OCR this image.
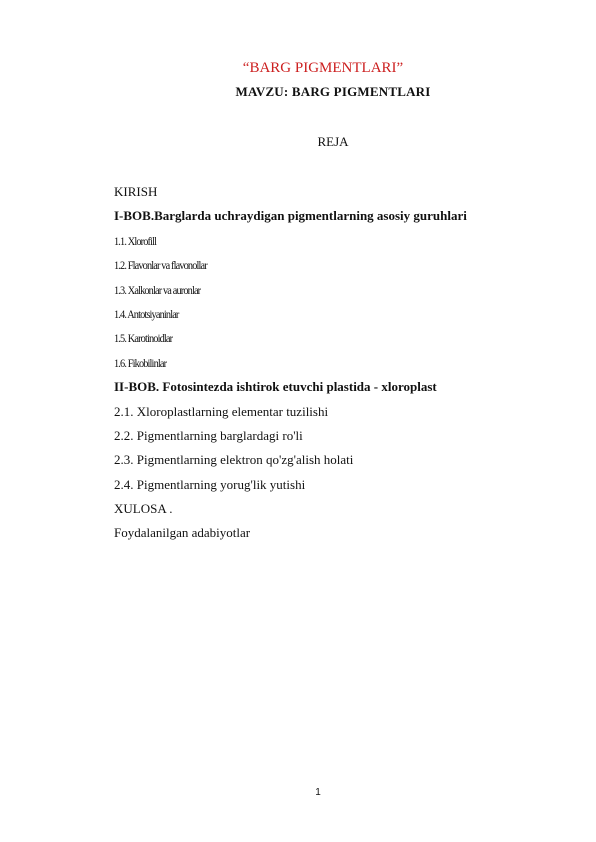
“BARG PIGMENTLARI”
MAVZU: BARG PIGMENTLARI
REJA
KIRISH
I-BOB.Barglarda uchraydigan pigmentlarning asosiy guruhlari
1.1. Xlorofill
1.2. Flavonlar va flavonollar
1.3. Xalkonlar va auronlar
1.4. Antotsiyaninlar
1.5. Karotinoidlar
1.6. Fikobilinlar
II-BOB. Fotosintezda ishtirok etuvchi plastida - xloroplast
2.1. Xloroplastlarning elementar tuzilishi
2.2. Pigmentlarning barglardagi ro'li
2.3. Pigmentlarning elektron qo'zg'alish holati
2.4. Pigmentlarning yorug'lik yutishi
XULOSA .
Foydalanilgan adabiyotlar
1
